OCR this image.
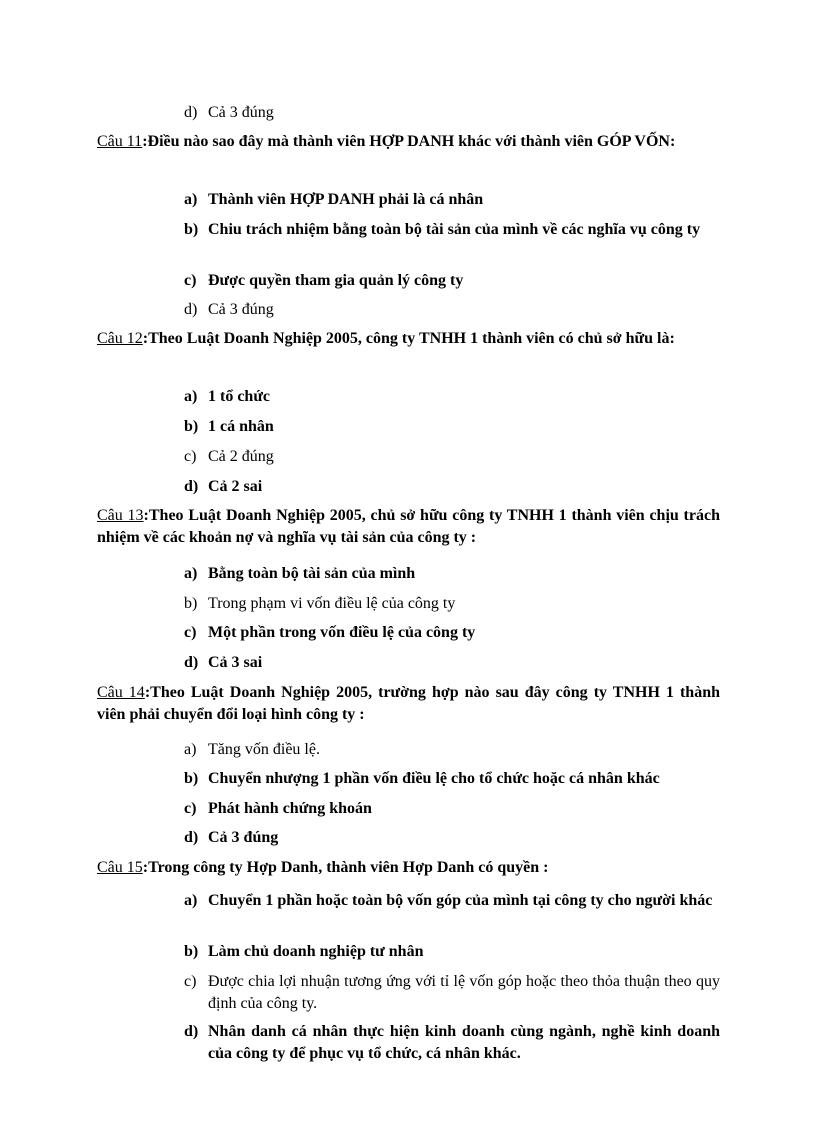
d) Cả 3 đúng
Câu 11:Điều nào sao đây mà thành viên HỢP DANH khác với thành viên GÓP VỐN:
a) Thành viên HỢP DANH phải là cá nhân
b) Chiu trách nhiệm bằng toàn bộ tài sản của mình về các nghĩa vụ công ty
c) Được quyền tham gia quản lý công ty
d) Cả 3 đúng
Câu 12:Theo Luật Doanh Nghiệp 2005, công ty TNHH 1 thành viên có chủ sở hữu là:
a) 1 tổ chức
b) 1 cá nhân
c) Cả 2 đúng
d) Cả 2 sai
Câu 13:Theo Luật Doanh Nghiệp 2005, chủ sở hữu công ty TNHH 1 thành viên chịu trách nhiệm về các khoản nợ và nghĩa vụ tài sản của công ty :
a) Bằng toàn bộ tài sản của mình
b) Trong phạm vi vốn điều lệ của công ty
c) Một phần trong vốn điều lệ của công ty
d) Cả 3 sai
Câu 14:Theo Luật Doanh Nghiệp 2005, trường hợp nào sau đây công ty TNHH 1 thành viên phải chuyển đổi loại hình công ty :
a) Tăng vốn điều lệ.
b) Chuyển nhượng 1 phần vốn điều lệ cho tổ chức hoặc cá nhân khác
c) Phát hành chứng khoán
d) Cả 3 đúng
Câu 15:Trong công ty Hợp Danh, thành viên Hợp Danh có quyền :
a) Chuyển 1 phần hoặc toàn bộ vốn góp của mình tại công ty cho người khác
b) Làm chủ doanh nghiệp tư nhân
c) Được chia lợi nhuận tương ứng với tỉ lệ vốn góp hoặc theo thỏa thuận theo quy định của công ty.
d) Nhân danh cá nhân thực hiện kinh doanh cùng ngành, nghề kinh doanh của công ty để phục vụ tổ chức, cá nhân khác.
